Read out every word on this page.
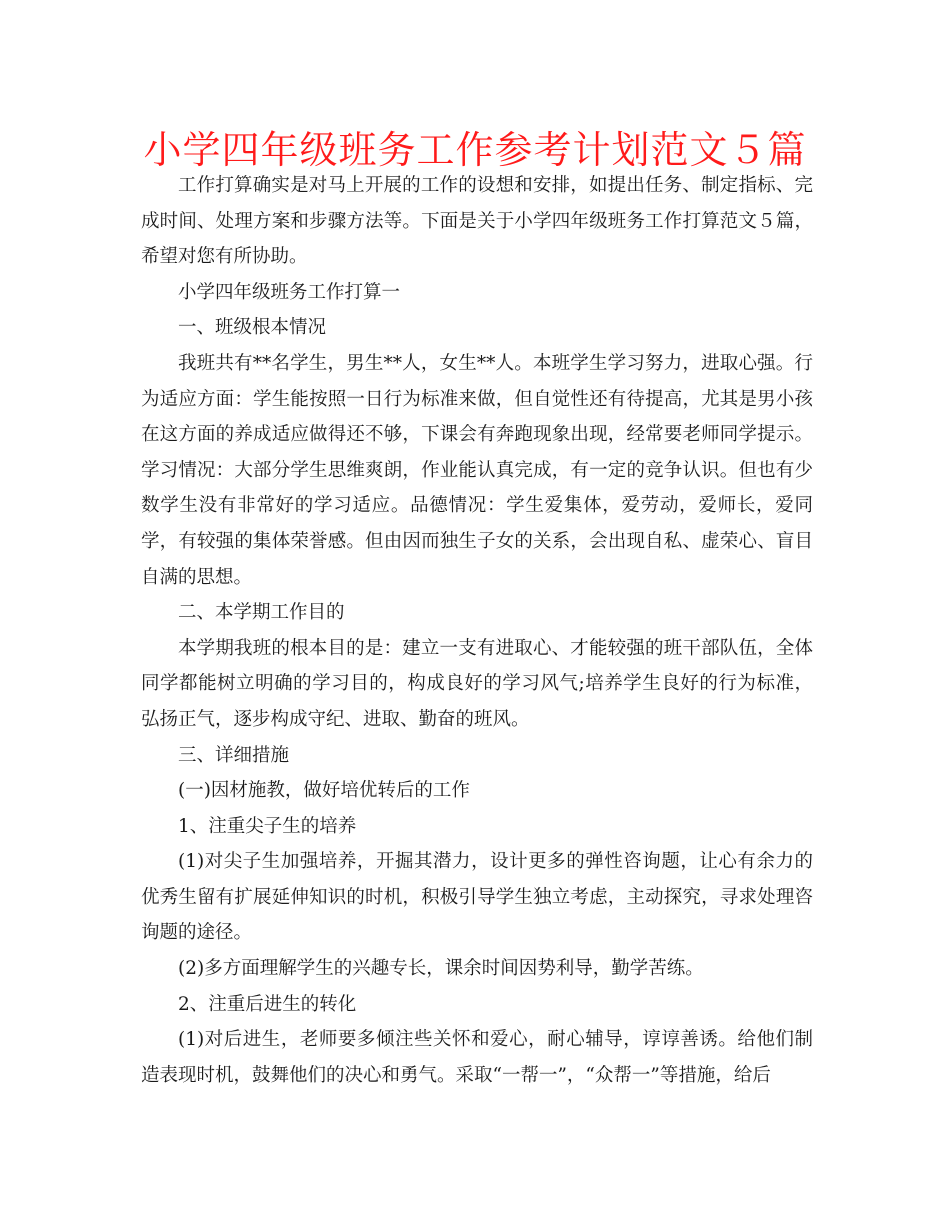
小学四年级班务工作参考计划范文５篇

工作打算确实是对马上开展的工作的设想和安排，如提出任务、制定指标、完成时间、处理方案和步骤方法等。下面是关于小学四年级班务工作打算范文５篇，希望对您有所协助。

小学四年级班务工作打算一

一、班级根本情况

我班共有**名学生，男生**人，女生**人。本班学生学习努力，进取心强。行为适应方面：学生能按照一日行为标准来做，但自觉性还有待提高，尤其是男小孩在这方面的养成适应做得还不够，下课会有奔跑现象出现，经常要老师同学提示。学习情况：大部分学生思维爽朗，作业能认真完成，有一定的竞争认识。但也有少数学生没有非常好的学习适应。品德情况：学生爱集体，爱劳动，爱师长，爱同学，有较强的集体荣誉感。但由因而独生子女的关系，会出现自私、虚荣心、盲目自满的思想。

二、本学期工作目的

本学期我班的根本目的是：建立一支有进取心、才能较强的班干部队伍，全体同学都能树立明确的学习目的，构成良好的学习风气;培养学生良好的行为标准，弘扬正气，逐步构成守纪、进取、勤奋的班风。

三、详细措施

(一)因材施教，做好培优转后的工作

1、注重尖子生的培养

(1)对尖子生加强培养，开掘其潜力，设计更多的弹性咨询题，让心有余力的优秀生留有扩展延伸知识的时机，积极引导学生独立考虑，主动探究，寻求处理咨询题的途径。

(2)多方面理解学生的兴趣专长，课余时间因势利导，勤学苦练。

2、注重后进生的转化

(1)对后进生，老师要多倾注些关怀和爱心，耐心辅导，谆谆善诱。给他们制造表现时机，鼓舞他们的决心和勇气。采取“一帮一”，“众帮一”等措施，给后
